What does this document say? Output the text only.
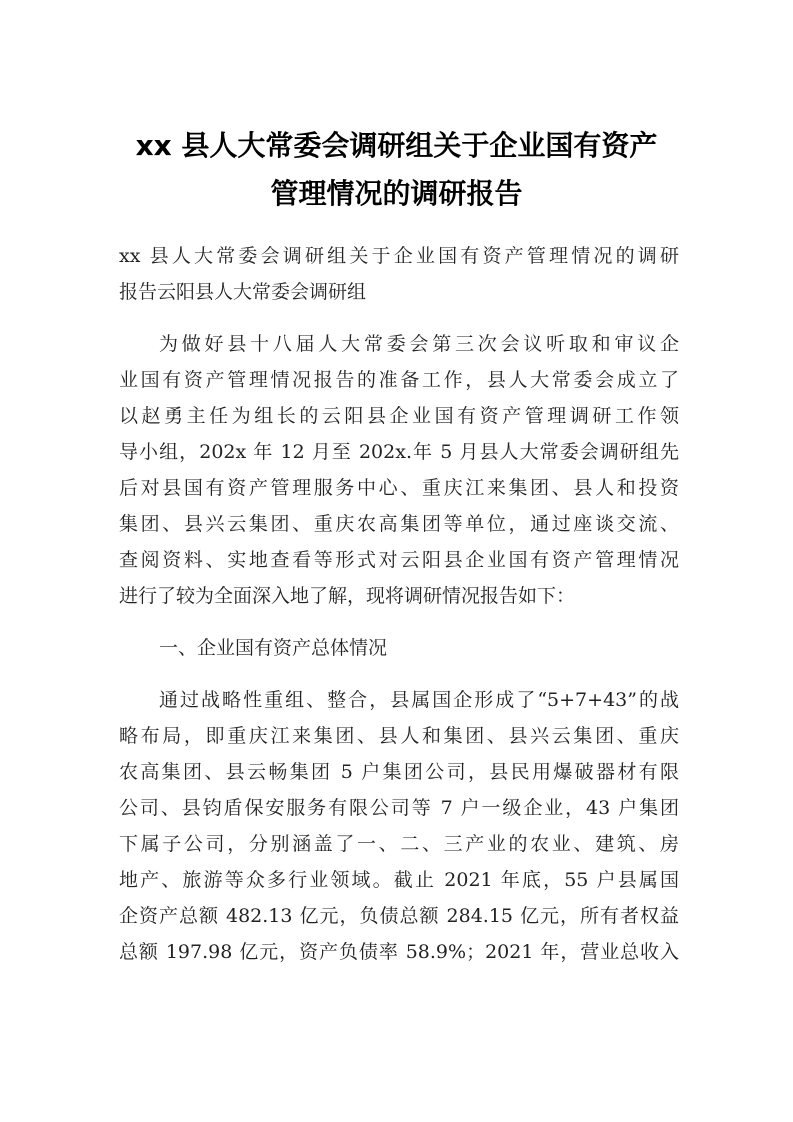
xx 县人大常委会调研组关于企业国有资产
管理情况的调研报告
xx 县人大常委会调研组关于企业国有资产管理情况的调研
报告云阳县人大常委会调研组
为做好县十八届人大常委会第三次会议听取和审议企
业国有资产管理情况报告的准备工作，县人大常委会成立了
以赵勇主任为组长的云阳县企业国有资产管理调研工作领
导小组，202x 年 12 月至 202x.年 5 月县人大常委会调研组先
后对县国有资产管理服务中心、重庆江来集团、县人和投资
集团、县兴云集团、重庆农高集团等单位，通过座谈交流、
查阅资料、实地查看等形式对云阳县企业国有资产管理情况
进行了较为全面深入地了解，现将调研情况报告如下：
一、企业国有资产总体情况
通过战略性重组、整合，县属国企形成了“5+7+43”的战
略布局，即重庆江来集团、县人和集团、县兴云集团、重庆
农高集团、县云畅集团 5 户集团公司，县民用爆破器材有限
公司、县钧盾保安服务有限公司等 7 户一级企业，43 户集团
下属子公司，分别涵盖了一、二、三产业的农业、建筑、房
地产、旅游等众多行业领域。截止 2021 年底，55 户县属国
企资产总额 482.13 亿元，负债总额 284.15 亿元，所有者权益
总额 197.98 亿元，资产负债率 58.9%；2021 年，营业总收入
